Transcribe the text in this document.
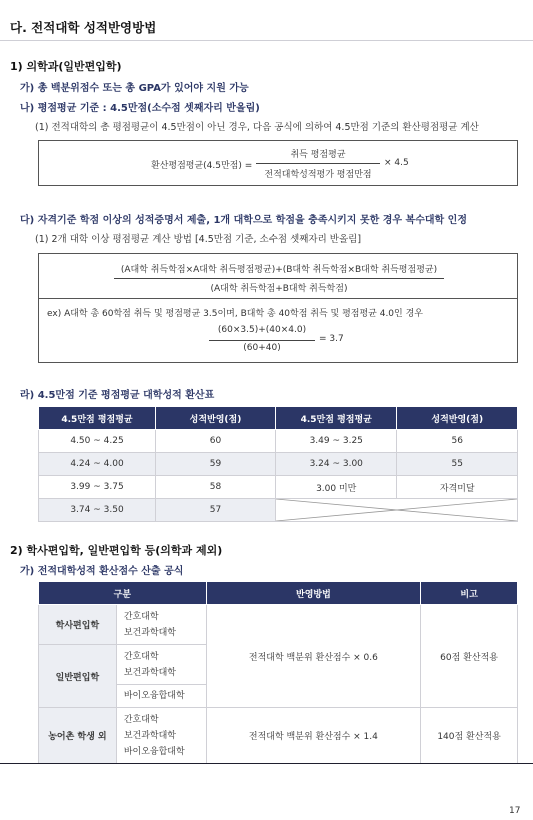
다. 전적대학 성적반영방법
1) 의학과(일반편입학)
가) 총 백분위점수 또는 총 GPA가 있어야 지원 가능
나) 평점평균 기준 : 4.5만점(소수점 셋째자리 반올림)
(1) 전적대학의 총 평점평균이 4.5만점이 아닌 경우, 다음 공식에 의하여 4.5만점 기준의 환산평점평균 계산
환산평점평균(4.5만점) =
취득 평점평균
전적대학성적평가 평점만점
× 4.5
다) 자격기준 학점 이상의 성적증명서 제출, 1개 대학으로 학점을 충족시키지 못한 경우 복수대학 인정
(1) 2개 대학 이상 평점평균 계산 방법 [4.5만점 기준, 소수점 셋째자리 반올림]
(A대학 취득학점×A대학 취득평점평균)+(B대학 취득학점×B대학 취득평점평균)
(A대학 취득학점+B대학 취득학점)
ex) A대학 총 60학점 취득 및 평점평균 3.5이며, B대학 총 40학점 취득 및 평점평균 4.0인 경우
(60×3.5)+(40×4.0)
(60+40)
= 3.7
라) 4.5만점 기준 평점평균 대학성적 환산표
4.5만점 평점평균	성적반영(점)	4.5만점 평점평균	성적반영(점)
4.50 ~ 4.25	60	3.49 ~ 3.25	56
4.24 ~ 4.00	59	3.24 ~ 3.00	55
3.99 ~ 3.75	58	3.00 미만	자격미달
3.74 ~ 3.50	57	
2) 학사편입학, 일반편입학 등(의학과 제외)
가) 전적대학성적 환산점수 산출 공식
구분		반영방법	비고
학사편입학	간호대학
보건과학대학	전적대학 백분위 환산점수 × 0.6	60점 환산적용
일반편입학	간호대학
보건과학대학		

	바이오융합대학		
농어촌 학생 외	간호대학
보건과학대학
바이오융합대학	전적대학 백분위 환산점수 × 1.4	140점 환산적용
17
